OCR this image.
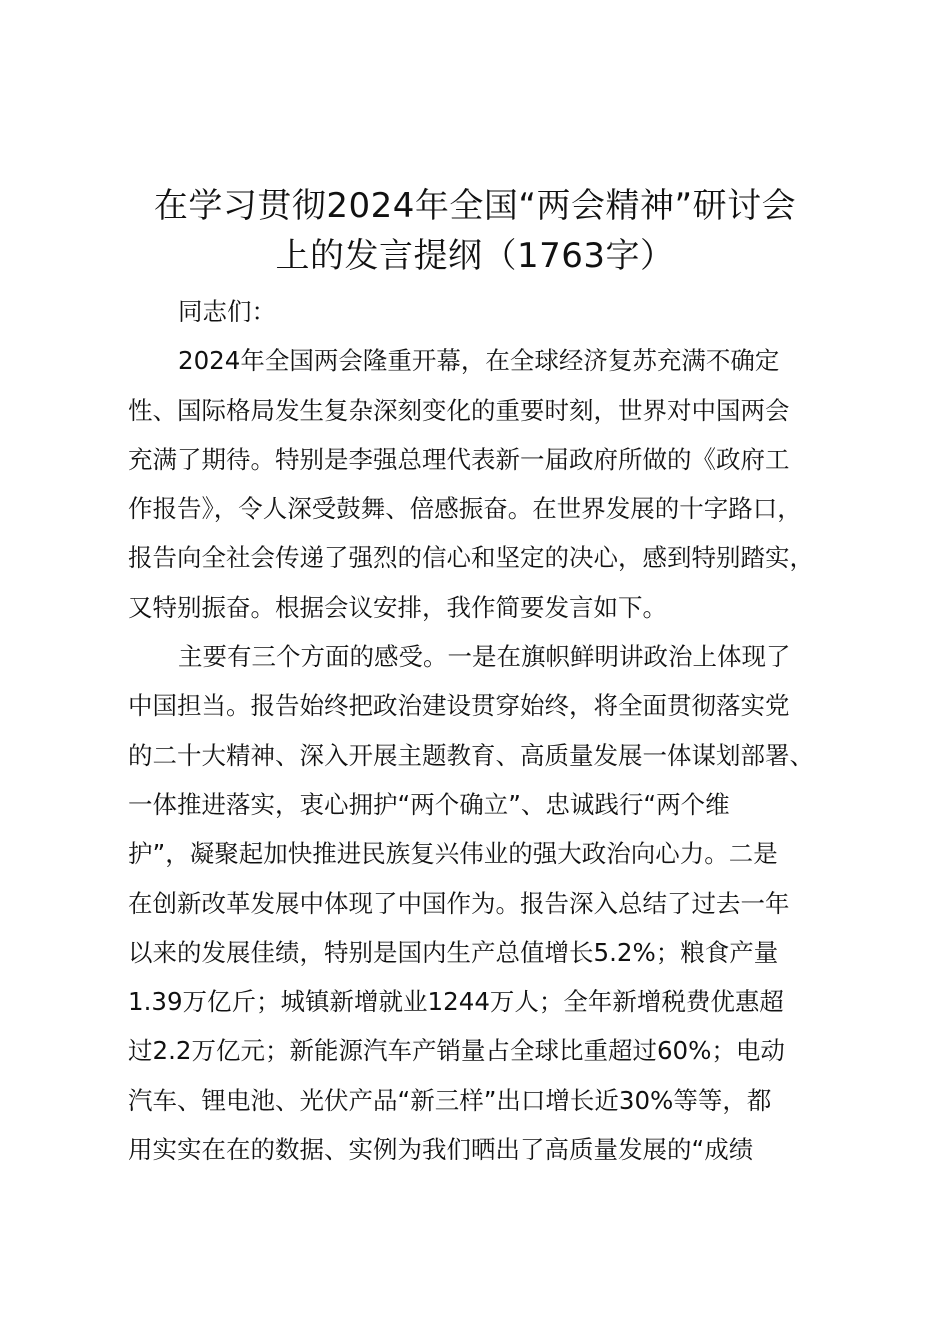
在学习贯彻2024年全国“两会精神”研讨会
上的发言提纲（1763字）
同志们：
2024年全国两会隆重开幕，在全球经济复苏充满不确定
性、国际格局发生复杂深刻变化的重要时刻，世界对中国两会
充满了期待。特别是李强总理代表新一届政府所做的《政府工
作报告》，令人深受鼓舞、倍感振奋。在世界发展的十字路口，
报告向全社会传递了强烈的信心和坚定的决心，感到特别踏实，
又特别振奋。根据会议安排，我作简要发言如下。
主要有三个方面的感受。一是在旗帜鲜明讲政治上体现了
中国担当。报告始终把政治建设贯穿始终，将全面贯彻落实党
的二十大精神、深入开展主题教育、高质量发展一体谋划部署、
一体推进落实，衷心拥护“两个确立”、忠诚践行“两个维
护”，凝聚起加快推进民族复兴伟业的强大政治向心力。二是
在创新改革发展中体现了中国作为。报告深入总结了过去一年
以来的发展佳绩，特别是国内生产总值增长5.2%；粮食产量
1.39万亿斤；城镇新增就业1244万人；全年新增税费优惠超
过2.2万亿元；新能源汽车产销量占全球比重超过60%；电动
汽车、锂电池、光伏产品“新三样”出口增长近30%等等，都
用实实在在的数据、实例为我们晒出了高质量发展的“成绩
